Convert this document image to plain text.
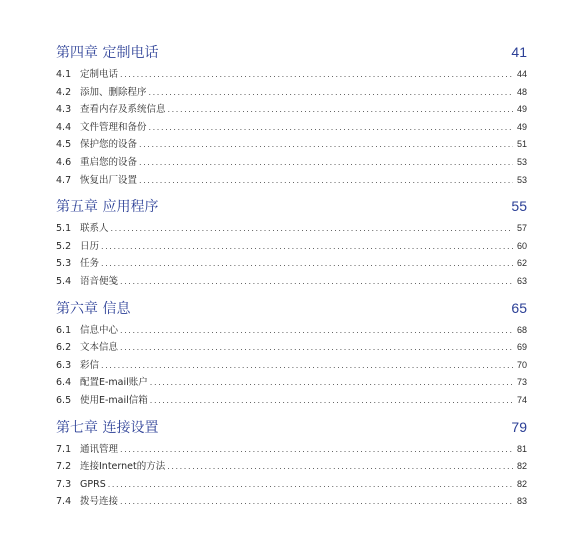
第四章 定制电话	41
4.1 定制电话 .....	44
4.2 添加、删除程序 .....	48
4.3 查看内存及系统信息 .....	49
4.4 文件管理和备份 .....	49
4.5 保护您的设备 .....	51
4.6 重启您的设备 .....	53
4.7 恢复出厂设置 .....	53
第五章 应用程序	55
5.1 联系人 .....	57
5.2 日历 .....	60
5.3 任务 .....	62
5.4 语音便笺 .....	63
第六章 信息	65
6.1 信息中心 .....	68
6.2 文本信息 .....	69
6.3 彩信 .....	70
6.4 配置E-mail账户 .....	73
6.5 使用E-mail信箱 .....	74
第七章 连接设置	79
7.1 通讯管理 .....	81
7.2 连接Internet的方法 .....	82
7.3 GPRS .....	82
7.4 拨号连接 .....	83
